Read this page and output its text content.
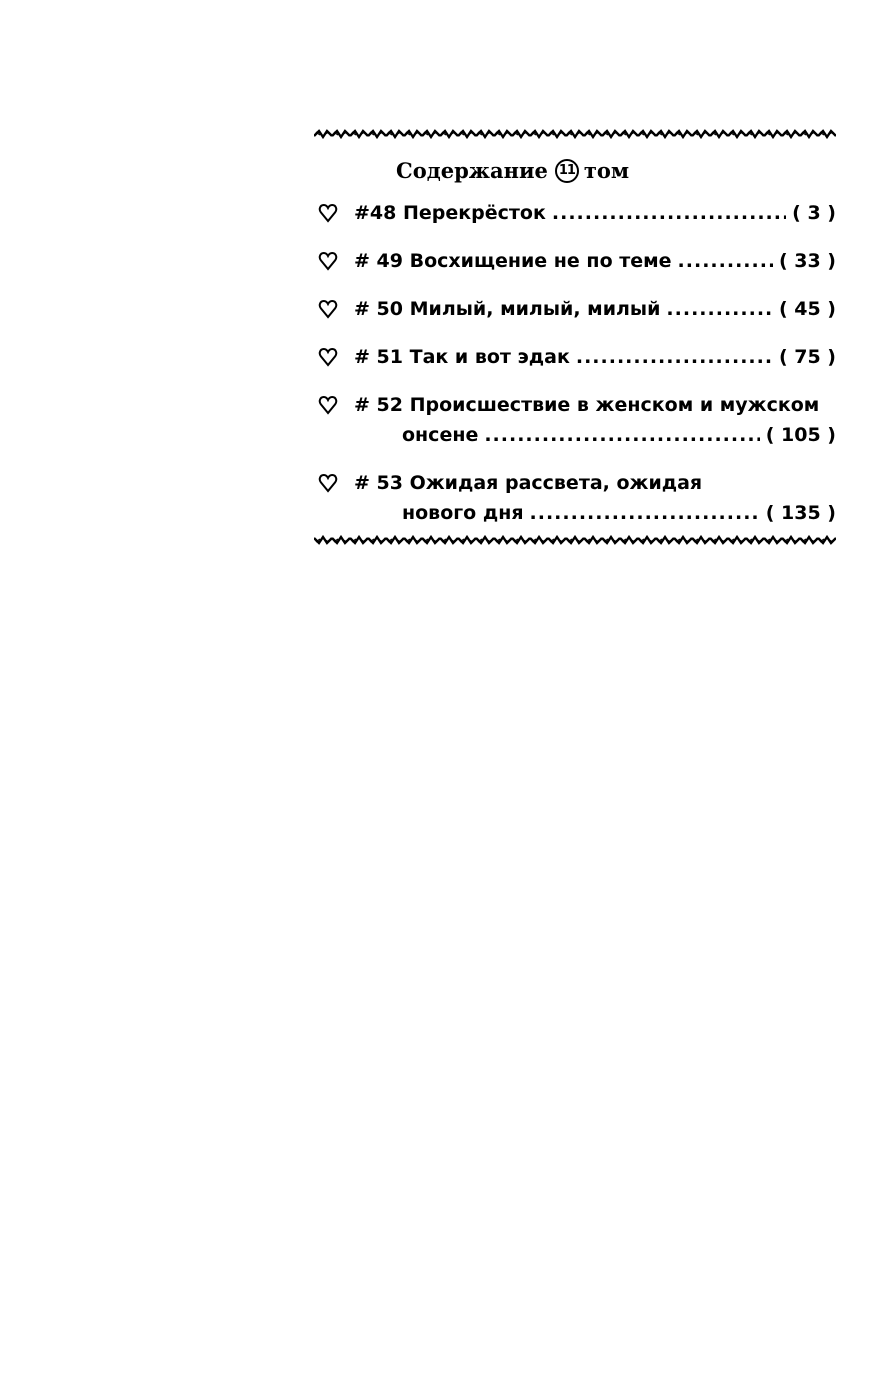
Содержание 11 том
#48
Перекрёсток .....	( 3 )
# 49
Восхищение не по теме .....	( 33 )
# 50
Милый, милый, милый .....	( 45 )
# 51
Так и вот эдак .....	( 75 )
# 52
Происшествие в женском и мужском
онсене .....	( 105 )
# 53
Ожидая рассвета, ожидая
нового дня .....	( 135 )
